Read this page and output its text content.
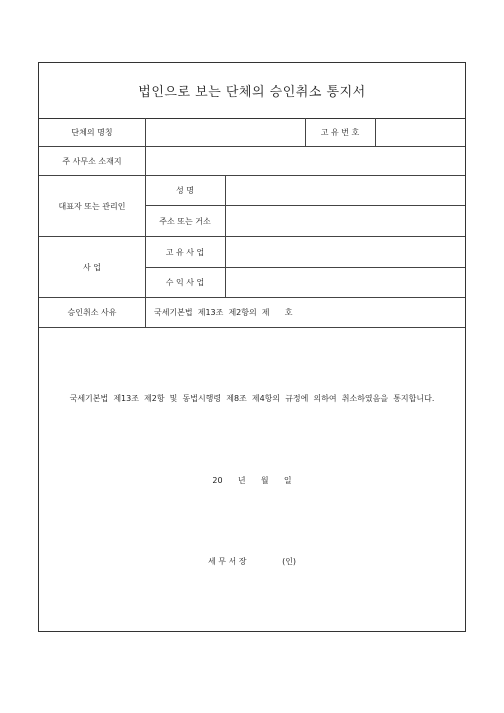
법인으로 보는 단체의 승인취소 통지서
단체의 명칭	고 유 번 호
주 사무소 소재지
대표자 또는 관리인
성 명
주소 또는 거소
사 업
고 유 사 업
수 익 사 업
승인취소 사유	국세기본법  제13조  제2항의  제      호
국세기본법  제13조  제2항  및  동법시행령  제8조  제4항의  규정에  의하여  취소하였음을  통지합니다.
20      년      월      일
세 무 서 장              (인)
